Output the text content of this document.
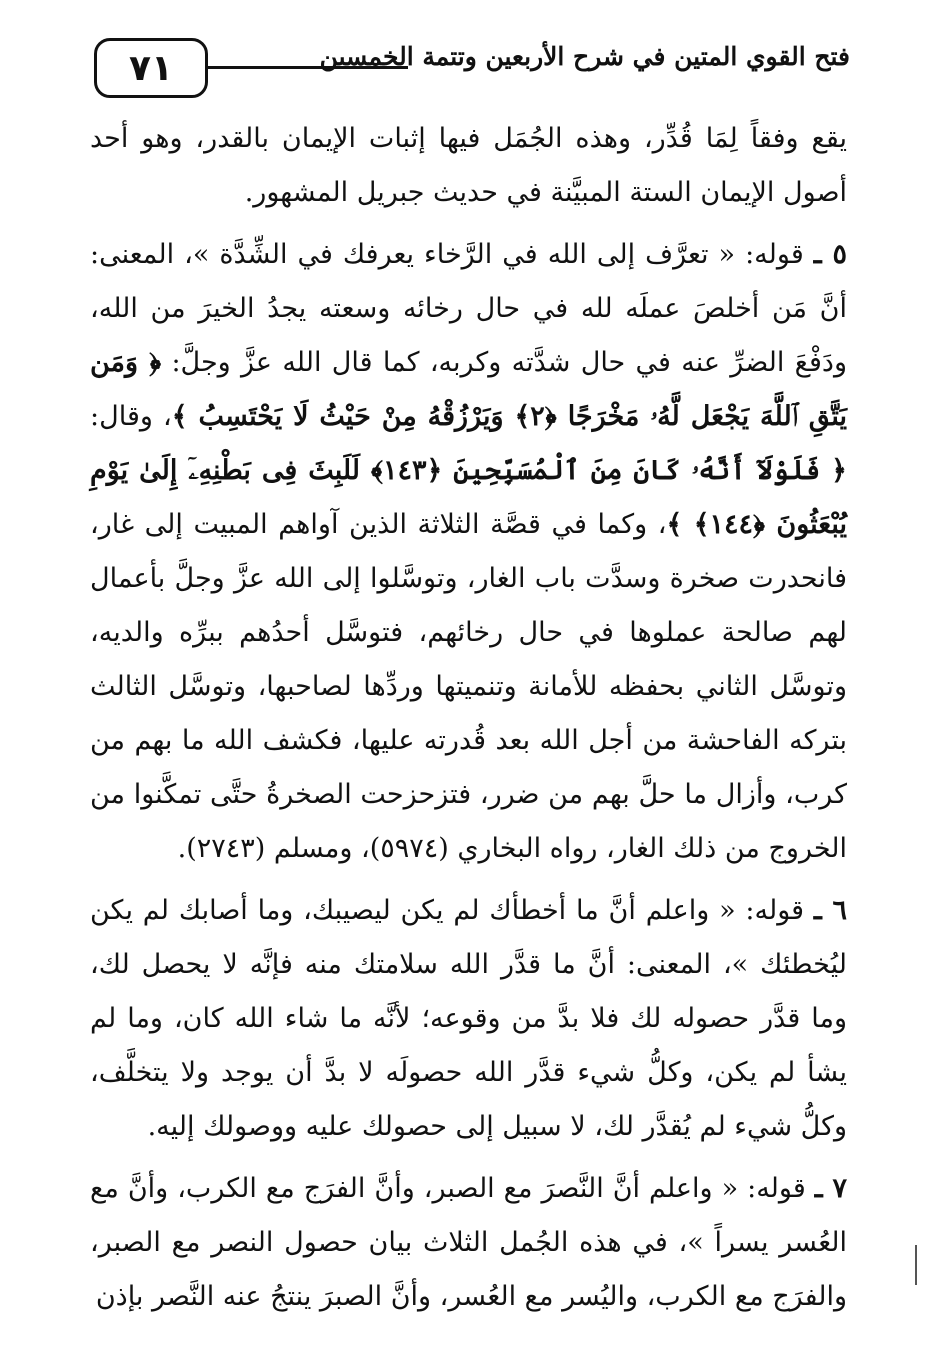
٧١	فتح القوي المتين في شرح الأربعين وتتمة الخمسين

يقع وفقاً لِمَا قُدِّر، وهذه الجُمَل فيها إثبات الإيمان بالقدر، وهو أحد أصول الإيمان الستة المبيَّنة في حديث جبريل المشهور.

٥ ـ قوله: « تعرَّف إلى الله في الرَّخاء يعرفك في الشِّدَّة »، المعنى: أنَّ مَن أخلصَ عملَه لله في حال رخائه وسعته يجدُ الخيرَ من الله، ودَفْعَ الضرِّ عنه في حال شدَّته وكربه، كما قال الله عزَّ وجلَّ: ﴿ وَمَن يَتَّقِ ٱللَّهَ يَجْعَل لَّهُۥ مَخْرَجًا ﴿٢﴾ وَيَرْزُقْهُ مِنْ حَيْثُ لَا يَحْتَسِبُ ﴾، وقال: ﴿ فَلَوْلَآ أَنَّهُۥ كَانَ مِنَ ٱلْمُسَبِّحِينَ ﴿١٤٣﴾ لَلَبِثَ فِى بَطْنِهِۦٓ إِلَىٰ يَوْمِ يُبْعَثُونَ ﴿١٤٤﴾ ﴾، وكما في قصَّة الثلاثة الذين آواهم المبيت إلى غار، فانحدرت صخرة وسدَّت باب الغار، وتوسَّلوا إلى الله عزَّ وجلَّ بأعمال لهم صالحة عملوها في حال رخائهم، فتوسَّل أحدُهم ببرِّه والديه، وتوسَّل الثاني بحفظه للأمانة وتنميتها وردِّها لصاحبها، وتوسَّل الثالث بتركه الفاحشة من أجل الله بعد قُدرته عليها، فكشف الله ما بهم من كرب، وأزال ما حلَّ بهم من ضرر، فتزحزحت الصخرةُ حتَّى تمكَّنوا من الخروج من ذلك الغار، رواه البخاري (٥٩٧٤)، ومسلم (٢٧٤٣).

٦ ـ قوله: « واعلم أنَّ ما أخطأك لم يكن ليصيبك، وما أصابك لم يكن ليُخطئك »، المعنى: أنَّ ما قدَّر الله سلامتك منه فإنَّه لا يحصل لك، وما قدَّر حصوله لك فلا بدَّ من وقوعه؛ لأنَّه ما شاء الله كان، وما لم يشأ لم يكن، وكلُّ شيء قدَّر الله حصولَه لا بدَّ أن يوجد ولا يتخلَّف، وكلُّ شيء لم يُقدَّر لك، لا سبيل إلى حصولك عليه ووصولك إليه.

٧ ـ قوله: « واعلم أنَّ النَّصرَ مع الصبر، وأنَّ الفرَج مع الكرب، وأنَّ مع العُسر يسراً »، في هذه الجُمل الثلاث بيان حصول النصر مع الصبر، والفرَج مع الكرب، واليُسر مع العُسر، وأنَّ الصبرَ ينتجُ عنه النَّصر بإذن
